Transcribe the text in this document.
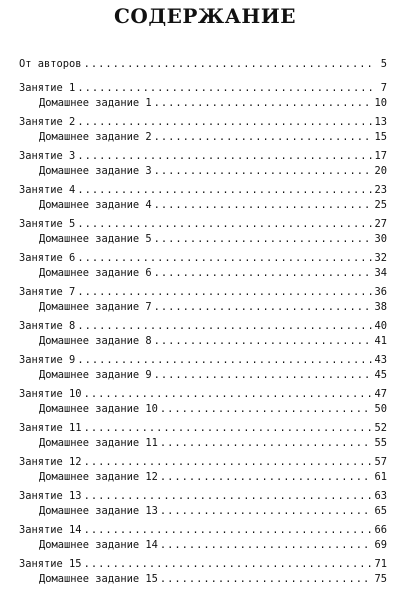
СОДЕРЖАНИЕ
От авторов .....	5
Занятие 1 .....	7
Домашнее задание 1 .....	10
Занятие 2 .....	13
Домашнее задание 2 .....	15
Занятие 3 .....	17
Домашнее задание 3 .....	20
Занятие 4 .....	23
Домашнее задание 4 .....	25
Занятие 5 .....	27
Домашнее задание 5 .....	30
Занятие 6 .....	32
Домашнее задание 6 .....	34
Занятие 7 .....	36
Домашнее задание 7 .....	38
Занятие 8 .....	40
Домашнее задание 8 .....	41
Занятие 9 .....	43
Домашнее задание 9 .....	45
Занятие 10 .....	47
Домашнее задание 10 .....	50
Занятие 11 .....	52
Домашнее задание 11 .....	55
Занятие 12 .....	57
Домашнее задание 12 .....	61
Занятие 13 .....	63
Домашнее задание 13 .....	65
Занятие 14 .....	66
Домашнее задание 14 .....	69
Занятие 15 .....	71
Домашнее задание 15 .....	75
